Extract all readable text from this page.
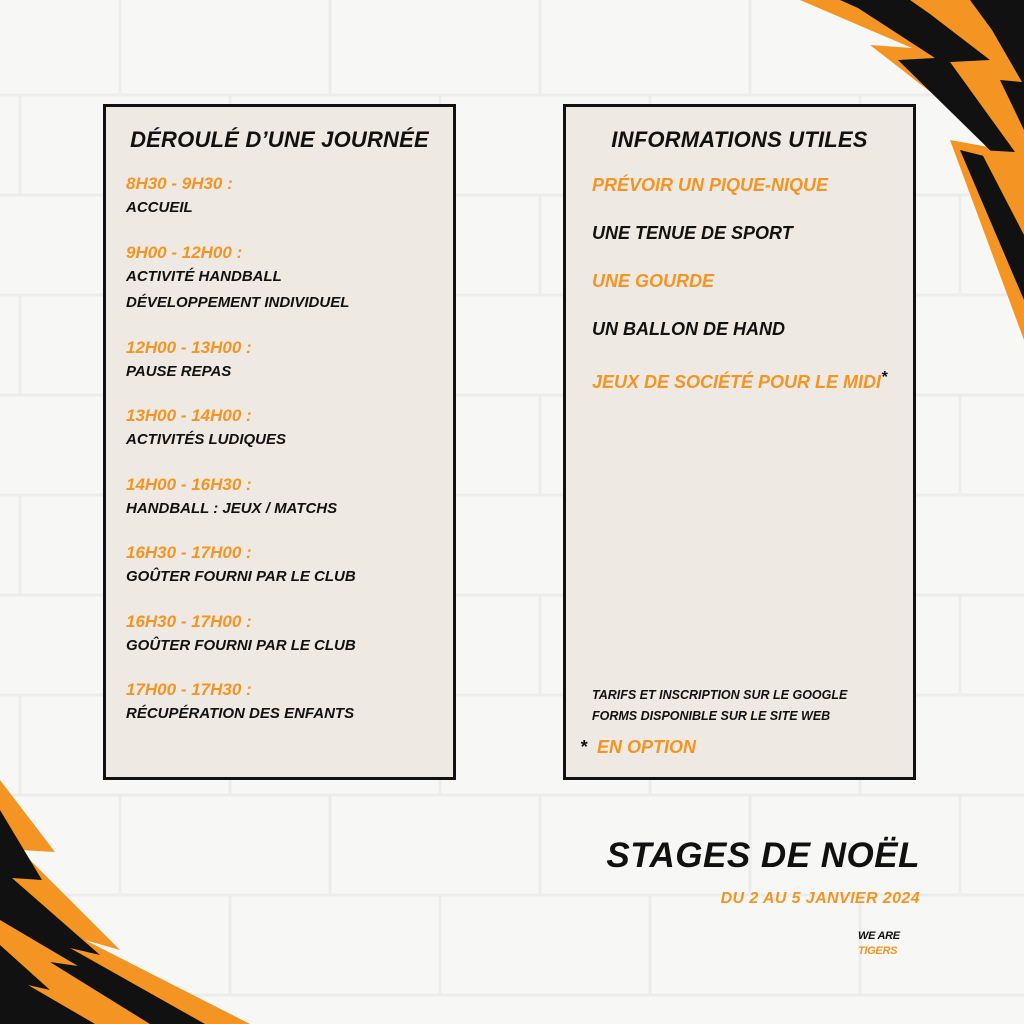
DÉROULÉ D’UNE JOURNÉE
8H30 - 9H30 :
ACCUEIL
9H00 - 12H00 :
ACTIVITÉ HANDBALL
DÉVELOPPEMENT INDIVIDUEL
12H00 - 13H00 :
PAUSE REPAS
13H00 - 14H00 :
ACTIVITÉS LUDIQUES
14H00 - 16H30 :
HANDBALL : JEUX / MATCHS
16H30 - 17H00 :
GOÛTER FOURNI PAR LE CLUB
16H30 - 17H00 :
GOÛTER FOURNI PAR LE CLUB
17H00 - 17H30 :
RÉCUPÉRATION DES ENFANTS
INFORMATIONS UTILES
PRÉVOIR UN PIQUE-NIQUE
UNE TENUE DE SPORT
UNE GOURDE
UN BALLON DE HAND
JEUX DE SOCIÉTÉ POUR LE MIDI*

TARIFS ET INSCRIPTION SUR LE GOOGLE
FORMS DISPONIBLE SUR LE SITE WEB

* EN OPTION

STAGES DE NOËL

DU 2 AU 5 JANVIER 2024

WE ARE
TIGERS
